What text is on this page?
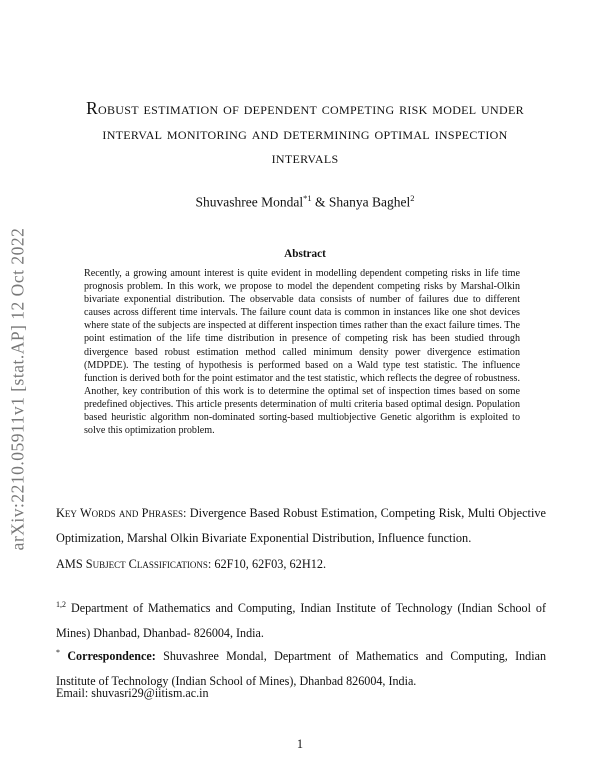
arXiv:2210.05911v1 [stat.AP] 12 Oct 2022
Robust estimation of dependent competing risk model under interval monitoring and determining optimal inspection intervals
Shuvashree Mondal$^{*1}$ & Shanya Baghel$^2$
Abstract
Recently, a growing amount interest is quite evident in modelling dependent competing risks in life time prognosis problem. In this work, we propose to model the dependent competing risks by Marshal-Olkin bivariate exponential distribution. The observable data consists of number of failures due to different causes across different time intervals. The failure count data is common in instances like one shot devices where state of the subjects are inspected at different inspection times rather than the exact failure times. The point estimation of the life time distribution in presence of competing risk has been studied through divergence based robust estimation method called minimum density power divergence estimation (MDPDE). The testing of hypothesis is performed based on a Wald type test statistic. The influence function is derived both for the point estimator and the test statistic, which reflects the degree of robustness. Another, key contribution of this work is to determine the optimal set of inspection times based on some predefined objectives. This article presents determination of multi criteria based optimal design. Population based heuristic algorithm non-dominated sorting-based multiobjective Genetic algorithm is exploited to solve this optimization problem.
Key Words and Phrases: Divergence Based Robust Estimation, Competing Risk, Multi Objective Optimization, Marshal Olkin Bivariate Exponential Distribution, Influence function.
AMS Subject Classifications: 62F10, 62F03, 62H12.
$^{1,2}$ Department of Mathematics and Computing, Indian Institute of Technology (Indian School of Mines) Dhanbad, Dhanbad- 826004, India.
* Correspondence: Shuvashree Mondal, Department of Mathematics and Computing, Indian Institute of Technology (Indian School of Mines), Dhanbad 826004, India.
Email: shuvasri29@iitism.ac.in
1
